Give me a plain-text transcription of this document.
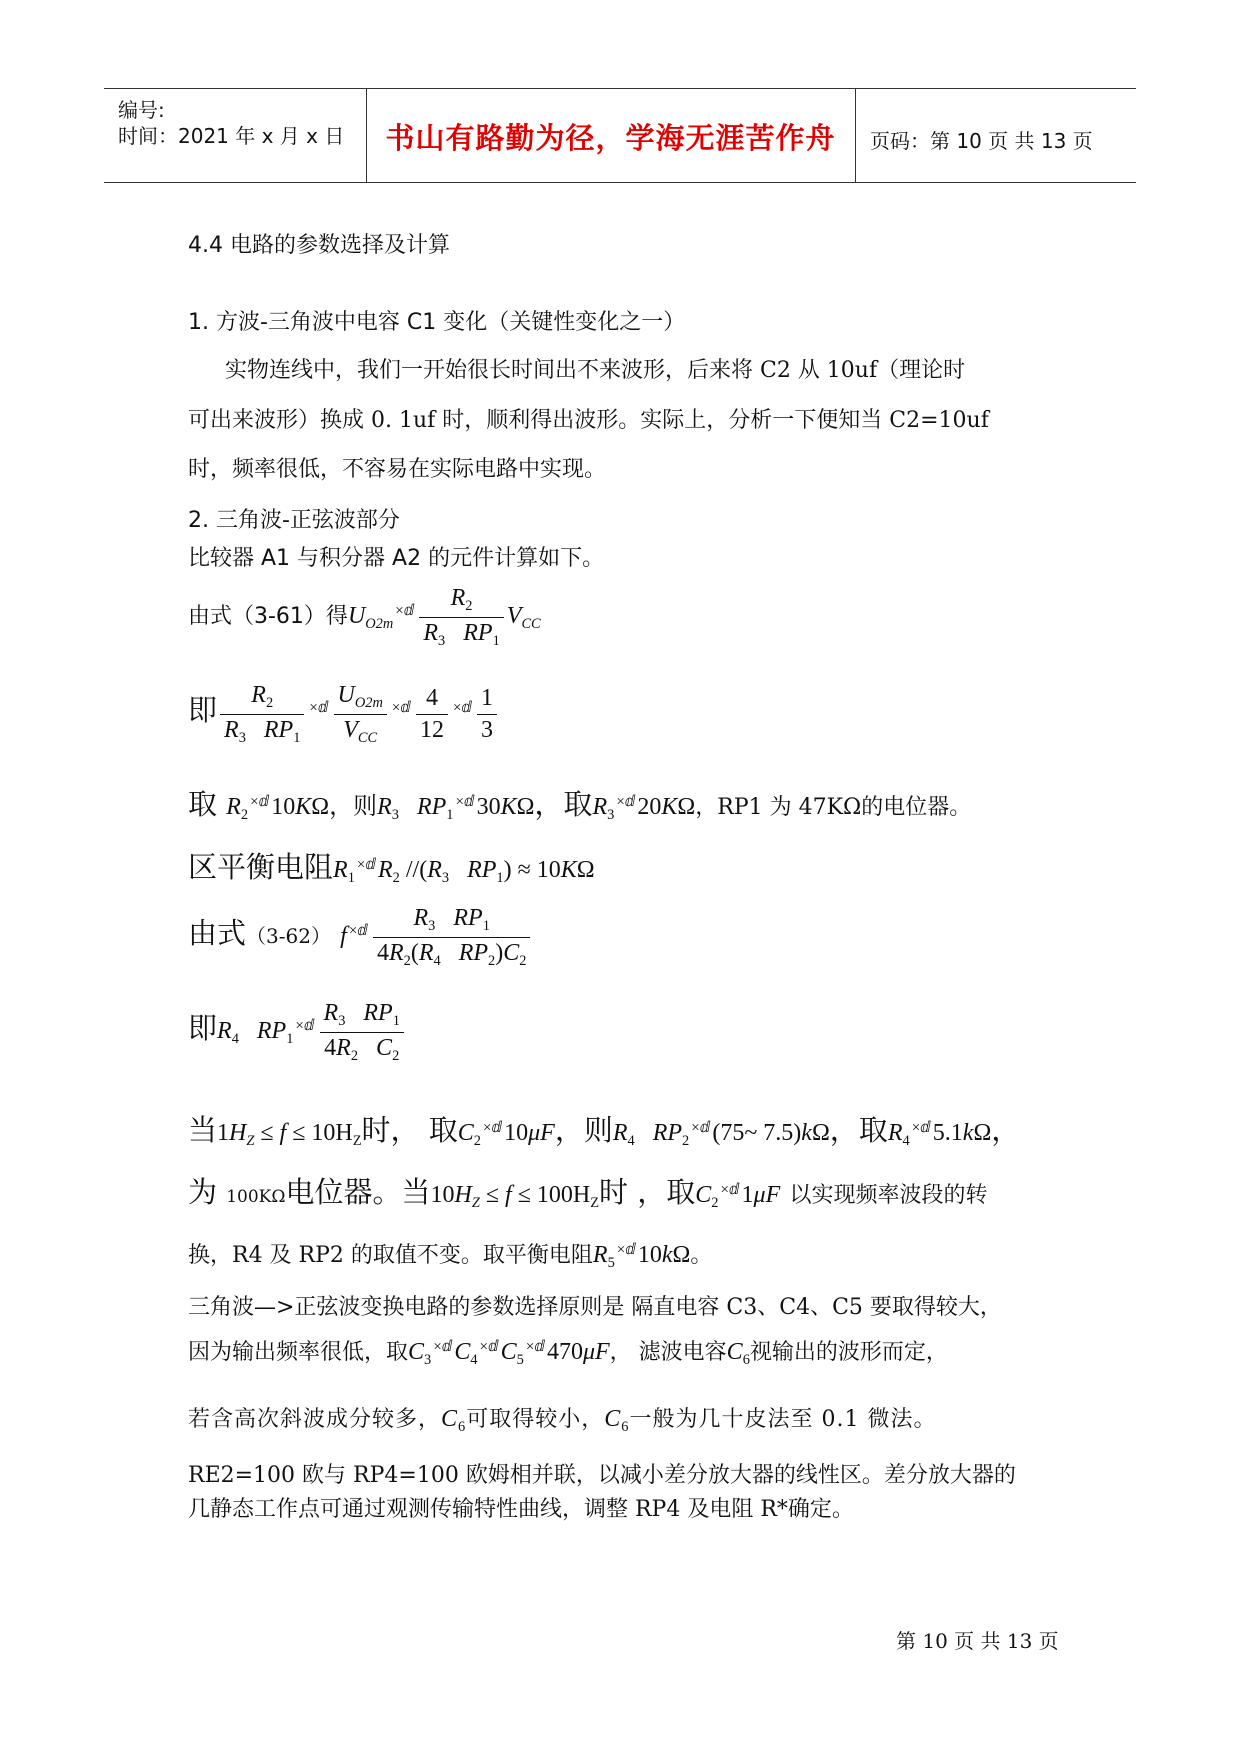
编号:
时间：2021 年 x 月 x 日	书山有路勤为径，学海无涯苦作舟	页码：第 10 页 共 13 页
4.4 电路的参数选择及计算
1. 方波-三角波中电容 C1 变化（关键性变化之一）
实物连线中，我们一开始很长时间出不来波形，后来将 C2 从 10uf（理论时
可出来波形）换成 0. 1uf 时，顺利得出波形。实际上，分析一下便知当 C2=10uf
时，频率很低，不容易在实际电路中实现。
2. 三角波-正弦波部分
比较器 A1 与积分器 A2 的元件计算如下。
由式（3-61）得$U_{O2m}^{\times ⅆ} \frac{R_2}{R_3 RP_1} V_{CC}$
即 $\frac{R_2}{R_3 RP_1} ^{\times ⅆ} \frac{U_{O2m}}{V_{CC}} ^{\times ⅆ} \frac{4}{12} ^{\times ⅆ} \frac{1}{3}$
取 $R_2^{\times ⅆ}10K\Omega$，则$R_3$ $RP_1^{\times ⅆ}30K\Omega$，取$R_3^{\times ⅆ}20K\Omega$，RP1 为 47KΩ的电位器。
区平衡电阻$R_1^{\times ⅆ}R_2$ $//(R_3$ $RP_1) \approx 10K\Omega$
由式（3-62） f $^{\times ⅆ} \frac{R_3 RP_1}{4R_2(R_4 RP_2)C_2}$
即$R_4$ $RP_1^{\times ⅆ} \frac{R_3 RP_1}{4R_2 C_2}$
当$1H_Z \le f \le 10H_Z$时， 取$C_2^{\times ⅆ}10\mu F$，则$R_4$ $RP_2^{\times ⅆ}(75\sim$ 7.5)kΩ，取$R_4^{\times ⅆ}5.1k\Omega$，
为 100KΩ电位器。当$10H_Z \le f \le 100H_Z$时 ，取$C_2^{\times ⅆ}1\mu F$ 以实现频率波段的转
换，R4 及 RP2 的取值不变。取平衡电阻$R_5^{\times ⅆ}10k\Omega$。
三角波—>正弦波变换电路的参数选择原则是 隔直电容 C3、C4、C5 要取得较大，
因为输出频率很低，取$C_3^{\times ⅆ}C_4^{\times ⅆ}C_5^{\times ⅆ}470\mu F$， 滤波电容$C_6$视输出的波形而定，
若含高次斜波成分较多，$C_6$可取得较小，$C_6$一般为几十皮法至 0.1 微法。
RE2=100 欧与 RP4=100 欧姆相并联，以减小差分放大器的线性区。差分放大器的
几静态工作点可通过观测传输特性曲线，调整 RP4 及电阻 R*确定。
第 10 页 共 13 页
